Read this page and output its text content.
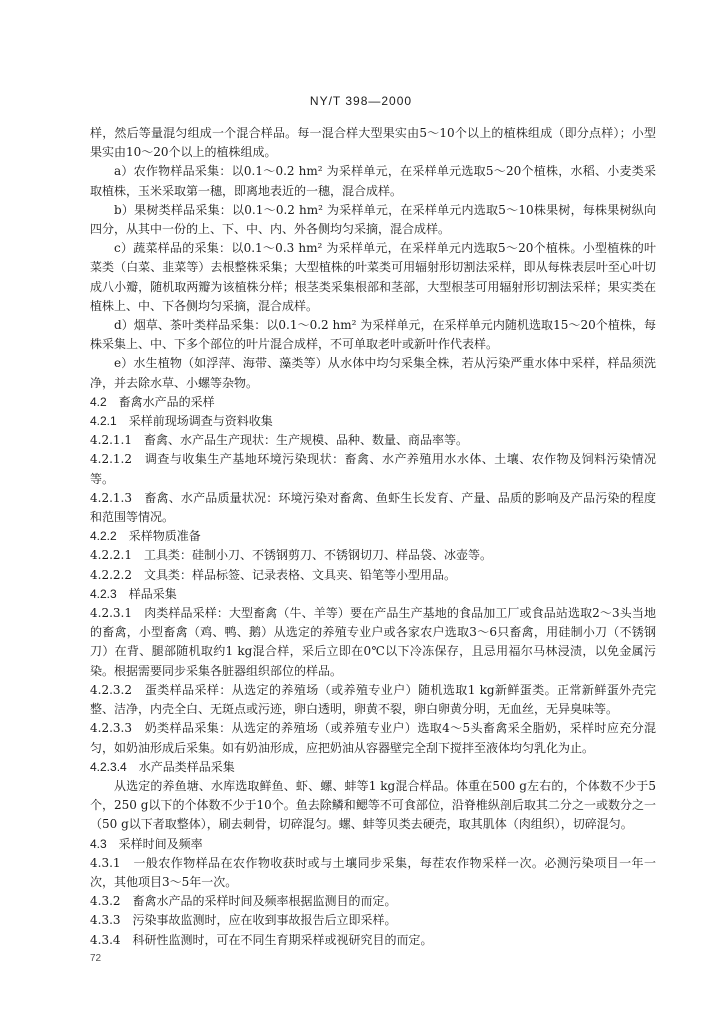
NY/T 398—2000

样，然后等量混匀组成一个混合样品。每一混合样大型果实由5～10个以上的植株组成（即分点样）；小型果实由10～20个以上的植株组成。

a）农作物样品采集：以0.1～0.2 hm² 为采样单元，在采样单元选取5～20个植株，水稻、小麦类采取植株，玉米采取第一穗，即离地表近的一穗，混合成样。

b）果树类样品采集：以0.1～0.2 hm² 为采样单元，在采样单元内选取5～10株果树，每株果树纵向四分，从其中一份的上、下、中、内、外各侧均匀采摘，混合成样。

c）蔬菜样品的采集：以0.1～0.3 hm² 为采样单元，在采样单元内选取5～20个植株。小型植株的叶菜类（白菜、韭菜等）去根整株采集；大型植株的叶菜类可用辐射形切割法采样，即从每株表层叶至心叶切成八小瓣，随机取两瓣为该植株分样；根茎类采集根部和茎部，大型根茎可用辐射形切割法采样；果实类在植株上、中、下各侧均匀采摘，混合成样。

d）烟草、茶叶类样品采集：以0.1～0.2 hm² 为采样单元，在采样单元内随机选取15～20个植株，每株采集上、中、下多个部位的叶片混合成样，不可单取老叶或新叶作代表样。

e）水生植物（如浮萍、海带、藻类等）从水体中均匀采集全株，若从污染严重水体中采样，样品须洗净，并去除水草、小螺等杂物。

4.2　畜禽水产品的采样

4.2.1　采样前现场调查与资料收集

4.2.1.1　畜禽、水产品生产现状：生产规模、品种、数量、商品率等。

4.2.1.2　调查与收集生产基地环境污染现状：畜禽、水产养殖用水水体、土壤、农作物及饲料污染情况等。

4.2.1.3　畜禽、水产品质量状况：环境污染对畜禽、鱼虾生长发育、产量、品质的影响及产品污染的程度和范围等情况。

4.2.2　采样物质准备

4.2.2.1　工具类：硅制小刀、不锈钢剪刀、不锈钢切刀、样品袋、冰壶等。

4.2.2.2　文具类：样品标签、记录表格、文具夹、铅笔等小型用品。

4.2.3　样品采集

4.2.3.1　肉类样品采样：大型畜禽（牛、羊等）要在产品生产基地的食品加工厂或食品站选取2～3头当地的畜禽，小型畜禽（鸡、鸭、鹅）从选定的养殖专业户或各家农户选取3～6只畜禽，用硅制小刀（不锈钢刀）在背、腿部随机取约1 kg混合样，采后立即在0℃以下冷冻保存，且忌用福尔马林浸渍，以免金属污染。根据需要同步采集各脏器组织部位的样品。

4.2.3.2　蛋类样品采样：从选定的养殖场（或养殖专业户）随机选取1 kg新鲜蛋类。正常新鲜蛋外壳完整、洁净，内壳全白、无斑点或污迹，卵白透明，卵黄不裂，卵白卵黄分明，无血丝，无异臭味等。

4.2.3.3　奶类样品采集：从选定的养殖场（或养殖专业户）选取4～5头畜禽采全脂奶，采样时应充分混匀，如奶油形成后采集。如有奶油形成，应把奶油从容器壁完全刮下搅拌至液体均匀乳化为止。

4.2.3.4　水产品类样品采集

从选定的养鱼塘、水库选取鲜鱼、虾、螺、蚌等1 kg混合样品。体重在500 g左右的，个体数不少于5个，250 g以下的个体数不少于10个。鱼去除鳞和鳃等不可食部位，沿脊椎纵剖后取其二分之一或数分之一（50 g以下者取整体），刷去刺骨，切碎混匀。螺、蚌等贝类去硬壳，取其肌体（肉组织），切碎混匀。

4.3　采样时间及频率

4.3.1　一般农作物样品在农作物收获时或与土壤同步采集，每茬农作物采样一次。必测污染项目一年一次，其他项目3～5年一次。

4.3.2　畜禽水产品的采样时间及频率根据监测目的而定。

4.3.3　污染事故监测时，应在收到事故报告后立即采样。

4.3.4　科研性监测时，可在不同生育期采样或视研究目的而定。

72
